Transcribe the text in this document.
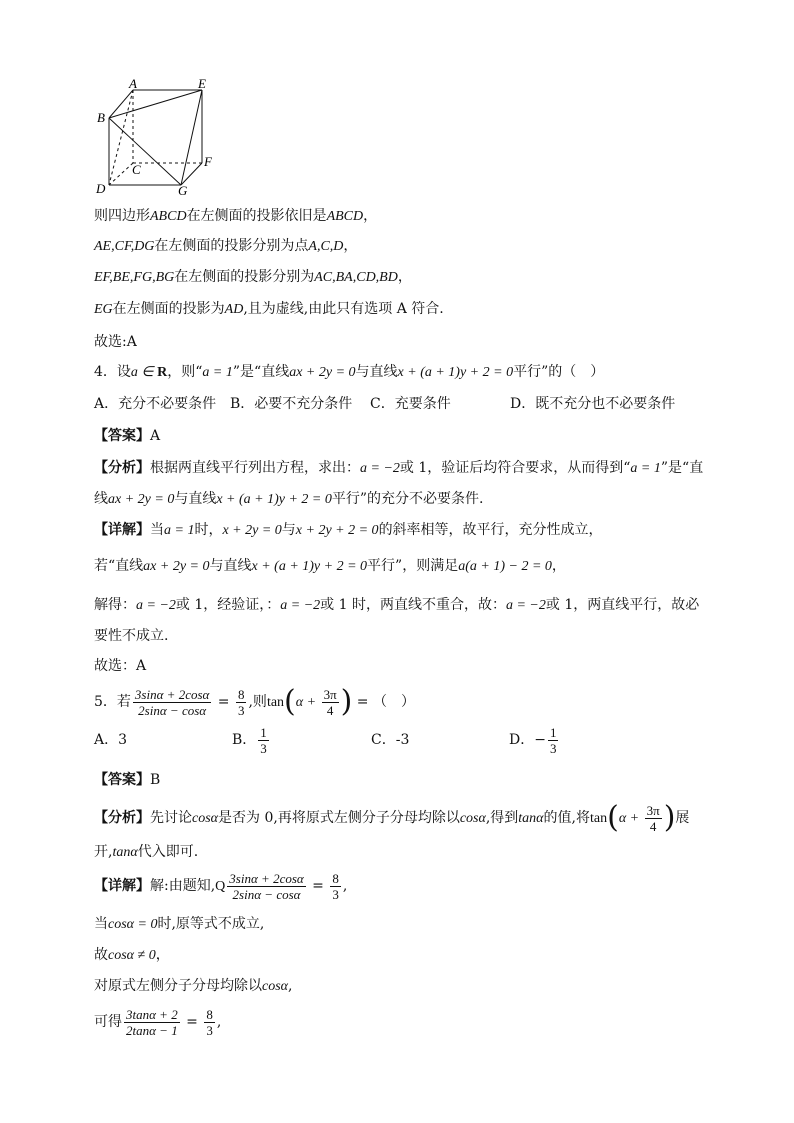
A	E
B
F
C
D	G
则四边形ABCD在左侧面的投影依旧是ABCD，
AE,CF,DG在左侧面的投影分别为点A,C,D，
EF,BE,FG,BG在左侧面的投影分别为AC,BA,CD,BD，
EG在左侧面的投影为AD,且为虚线,由此只有选项 A 符合.
故选:A
4．设a ∈ R，则“a = 1”是“直线ax + 2y = 0与直线x + (a + 1)y + 2 = 0平行”的（　）
A．充分不必要条件 B．必要不充分条件 C．充要条件	D．既不充分也不必要条件
【答案】A
【分析】根据两直线平行列出方程，求出：a = −2或 1，验证后均符合要求，从而得到“a = 1”是“直
线ax + 2y = 0与直线x + (a + 1)y + 2 = 0平行”的充分不必要条件.
【详解】当a = 1时，x + 2y = 0与x + 2y + 2 = 0的斜率相等，故平行，充分性成立，
若“直线ax + 2y = 0与直线x + (a + 1)y + 2 = 0平行”，则满足a(a + 1) − 2 = 0，
解得：a = −2或 1，经验证，：a = −2或 1 时，两直线不重合，故：a = −2或 1，两直线平行，故必
要性不成立.
故选：A
5．若 $\frac{3\sin\alpha + 2\cos\alpha}{2\sin\alpha - \cos\alpha} = \frac{8}{3}$ ,则$\tan(\alpha + \frac{3\pi}{4}$ ) = （　）
A．3	B． $\frac{1}{3}$	C．-3	D．− $\frac{1}{3}$
【答案】B
【分析】先讨论cosα是否为 0,再将原式左侧分子分母均除以cosα,得到tanα的值,将$\tan(\alpha + \frac{3\pi}{4}$ )展
开,tanα代入即可.
【详解】解:由题知$,Q \frac{3\sin\alpha + 2\cos\alpha}{2\sin\alpha - \cos\alpha} = \frac{8}{3}$ ,
当cosα = 0时,原等式不成立,
故cosα ≠ 0，
对原式左侧分子分母均除以cosα,
可得 $\frac{3\tan\alpha + 2}{2\tan\alpha - 1} = \frac{8}{3}$ ,
